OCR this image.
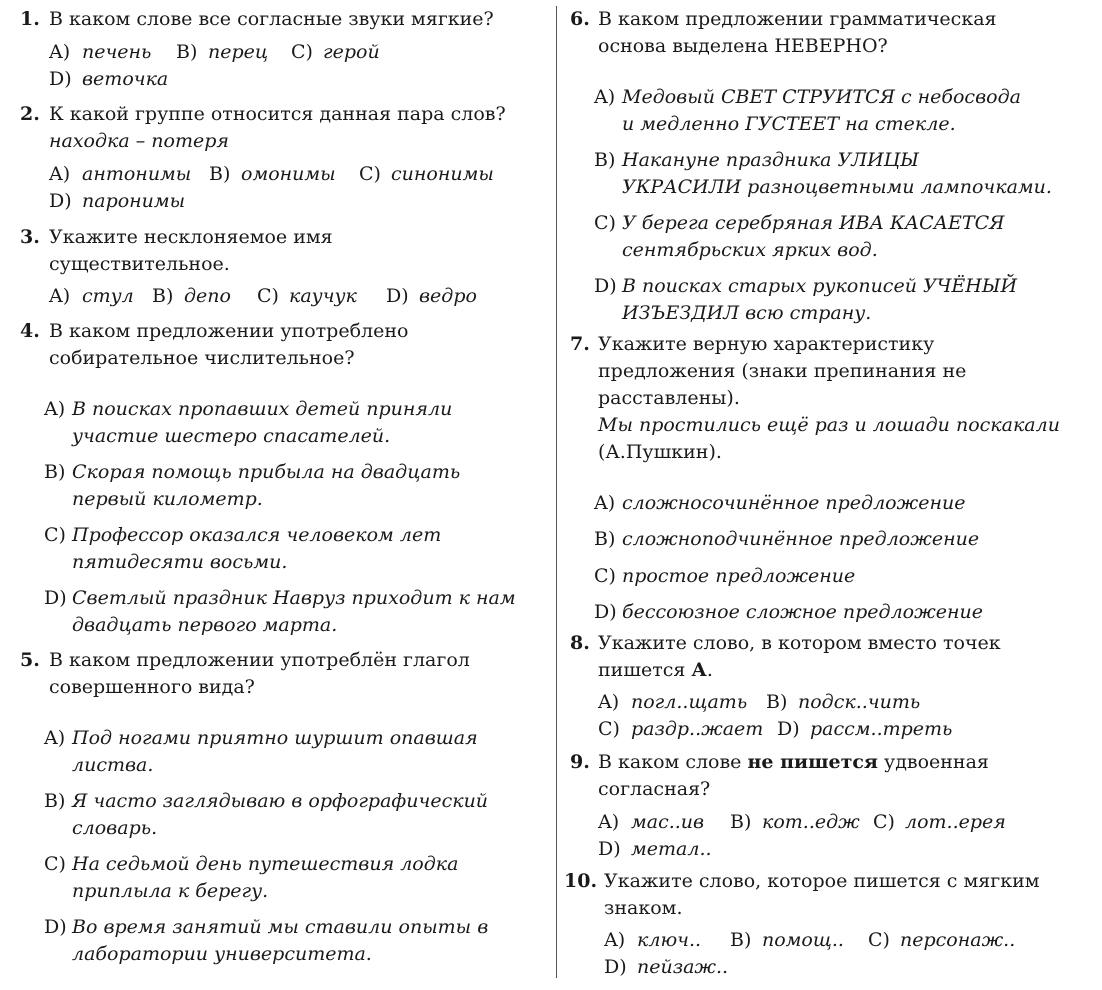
1. В каком слове все согласные звуки мягкие?
A) печень B) перец C) герой
D) веточка
2. К какой группе относится данная пара слов?
находка – потеря
A) антонимы B) омонимы C) синонимы
D) паронимы
3. Укажите несклоняемое имя
существительное.
A) стул B) депо C) каучук D) ведро
4. В каком предложении употреблено
собирательное числительное?
A) В поисках пропавших детей приняли
участие шестеро спасателей.
B) Скорая помощь прибыла на двадцать
первый километр.
C) Профессор оказался человеком лет
пятидесяти восьми.
D) Светлый праздник Навруз приходит к нам
двадцать первого марта.
5. В каком предложении употреблён глагол
совершенного вида?
A) Под ногами приятно шуршит опавшая
листва.
B) Я часто заглядываю в орфографический
словарь.
C) На седьмой день путешествия лодка
приплыла к берегу.
D) Во время занятий мы ставили опыты в
лаборатории университета.
6. В каком предложении грамматическая
основа выделена НЕВЕРНО?
A) Медовый СВЕТ СТРУИТСЯ с небосвода
и медленно ГУСТЕЕТ на стекле.
B) Накануне праздника УЛИЦЫ
УКРАСИЛИ разноцветными лампочками.
C) У берега серебряная ИВА КАСАЕТСЯ
сентябрьских ярких вод.
D) В поисках старых рукописей УЧЁНЫЙ
ИЗЪЕЗДИЛ всю страну.
7. Укажите верную характеристику
предложения (знаки препинания не
расставлены).
Мы простились ещё раз и лошади поскакали
(А.Пушкин).
A) сложносочинённое предложение
B) сложноподчинённое предложение
C) простое предложение
D) бессоюзное сложное предложение
8. Укажите слово, в котором вместо точек
пишется А.
A) погл..щать B) подск..чить
C) раздр..жает D) рассм..треть
9. В каком слове не пишется удвоенная
согласная?
A) мас..ив B) кот..едж C) лот..ерея
D) метал..
10. Укажите слово, которое пишется с мягким
знаком.
A) ключ.. B) помощ.. C) персонаж..
D) пейзаж..
